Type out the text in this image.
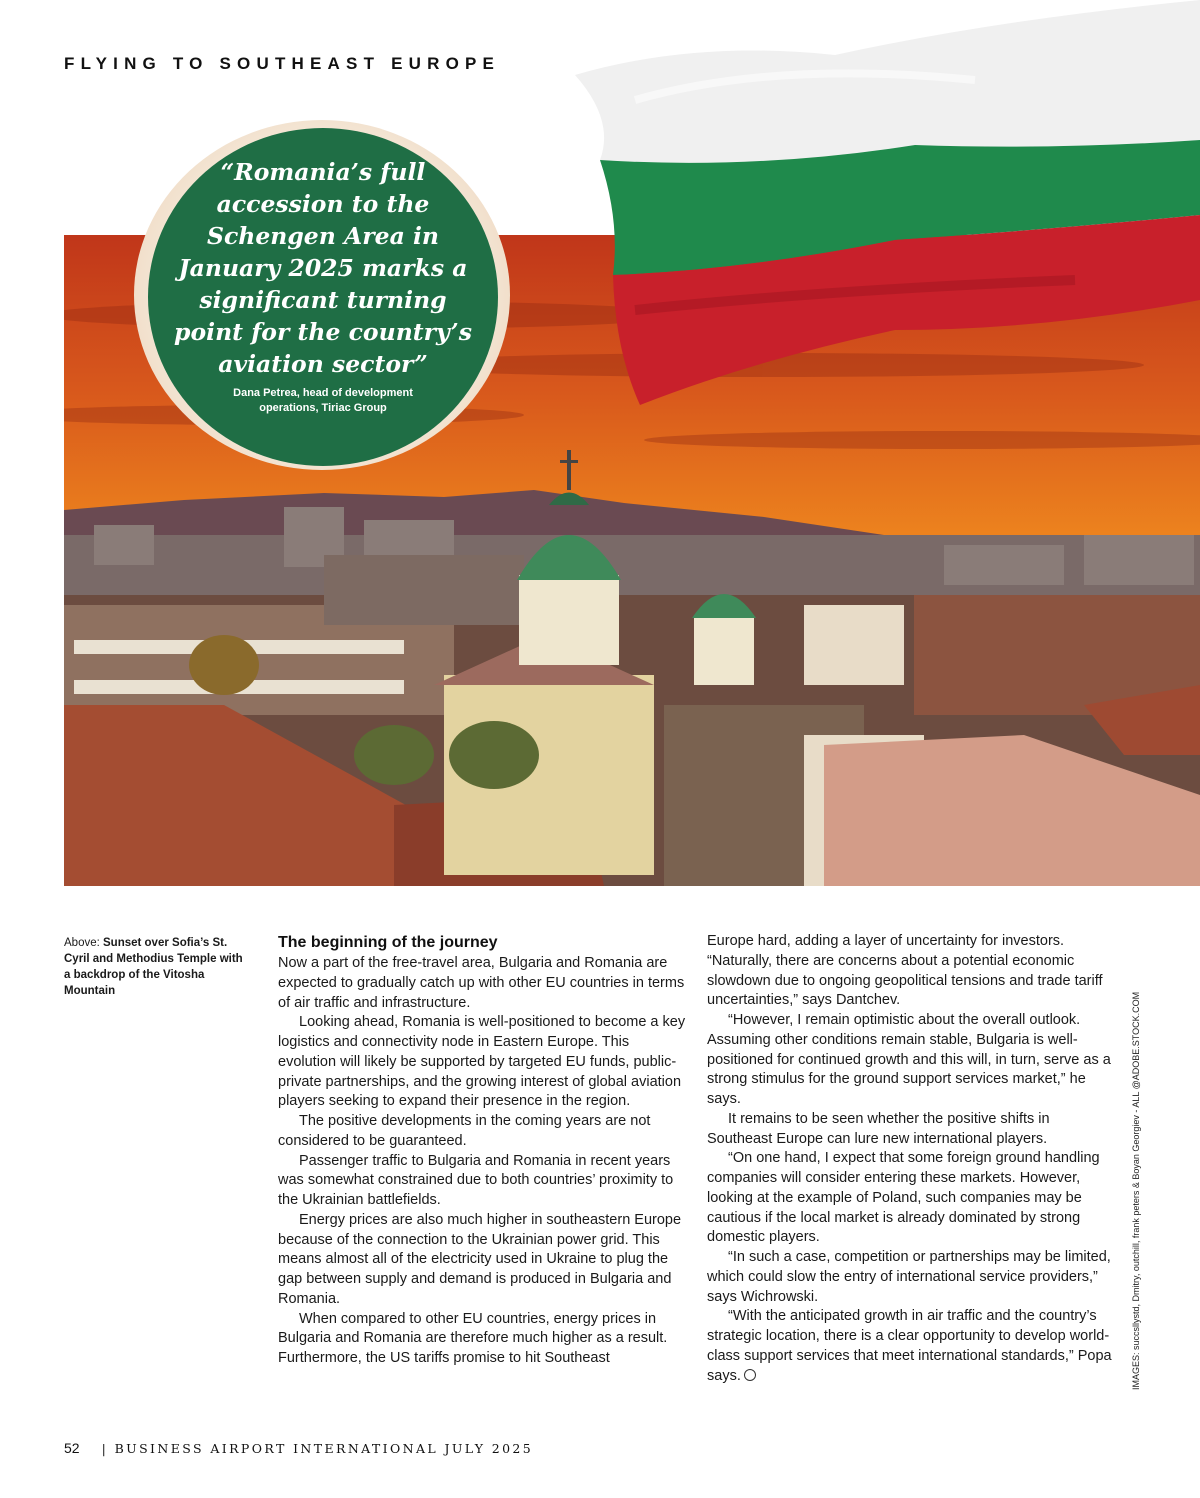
FLYING TO SOUTHEAST EUROPE
“Romania’s full accession to the Schengen Area in January 2025 marks a significant turning point for the country’s aviation sector”
Dana Petrea, head of development operations, Tiriac Group
Above: Sunset over Sofia’s St. Cyril and Methodius Temple with a backdrop of the Vitosha Mountain
The beginning of the journey

Now a part of the free-travel area, Bulgaria and Romania are expected to gradually catch up with other EU countries in terms of air traffic and infrastructure.

Looking ahead, Romania is well-positioned to become a key logistics and connectivity node in Eastern Europe. This evolution will likely be supported by targeted EU funds, public-private partnerships, and the growing interest of global aviation players seeking to expand their presence in the region.

The positive developments in the coming years are not considered to be guaranteed.

Passenger traffic to Bulgaria and Romania in recent years was somewhat constrained due to both countries’ proximity to the Ukrainian battlefields.

Energy prices are also much higher in southeastern Europe because of the connection to the Ukrainian power grid. This means almost all of the electricity used in Ukraine to plug the gap between supply and demand is produced in Bulgaria and Romania.

When compared to other EU countries, energy prices in Bulgaria and Romania are therefore much higher as a result. Furthermore, the US tariffs promise to hit Southeast

Europe hard, adding a layer of uncertainty for investors. “Naturally, there are concerns about a potential economic slowdown due to ongoing geopolitical tensions and trade tariff uncertainties,” says Dantchev.

“However, I remain optimistic about the overall outlook. Assuming other conditions remain stable, Bulgaria is well-positioned for continued growth and this will, in turn, serve as a strong stimulus for the ground support services market,” he says.

It remains to be seen whether the positive shifts in Southeast Europe can lure new international players.

“On one hand, I expect that some foreign ground handling companies will consider entering these markets. However, looking at the example of Poland, such companies may be cautious if the local market is already dominated by strong domestic players.

“In such a case, competition or partnerships may be limited, which could slow the entry of international service providers,” says Wichrowski.

“With the anticipated growth in air traffic and the country’s strategic location, there is a clear opportunity to develop world-class support services that meet international standards,” Popa says.	IMAGES: succsllystd, Dmitry, outchill, frank peters & Boyan Georgiev - ALL @ADOBE.STOCK.COM
52 | BUSINESS AIRPORT INTERNATIONAL JULY 2025
